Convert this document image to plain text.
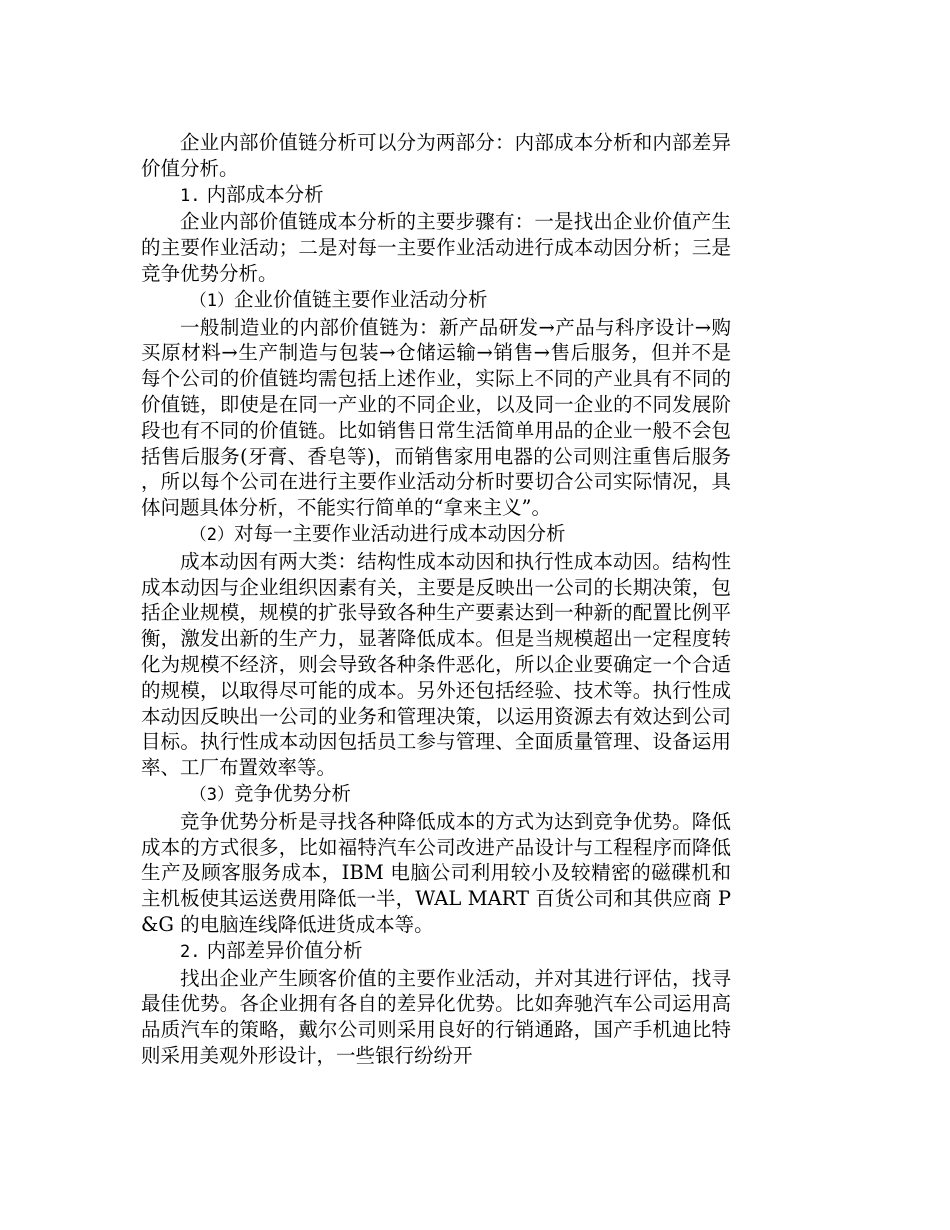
企业内部价值链分析可以分为两部分：内部成本分析和内部差异价值分析。

1. 内部成本分析

企业内部价值链成本分析的主要步骤有：一是找出企业价值产生的主要作业活动；二是对每一主要作业活动进行成本动因分析；三是竞争优势分析。

（1）企业价值链主要作业活动分析

一般制造业的内部价值链为：新产品研发→产品与科序设计→购买原材料→生产制造与包装→仓储运输→销售→售后服务，但并不是每个公司的价值链均需包括上述作业，实际上不同的产业具有不同的价值链，即使是在同一产业的不同企业，以及同一企业的不同发展阶段也有不同的价值链。比如销售日常生活简单用品的企业一般不会包括售后服务(牙膏、香皂等)，而销售家用电器的公司则注重售后服务，所以每个公司在进行主要作业活动分析时要切合公司实际情况，具体问题具体分析，不能实行简单的“拿来主义”。

（2）对每一主要作业活动进行成本动因分析

成本动因有两大类：结构性成本动因和执行性成本动因。结构性成本动因与企业组织因素有关，主要是反映出一公司的长期决策，包括企业规模，规模的扩张导致各种生产要素达到一种新的配置比例平衡，激发出新的生产力，显著降低成本。但是当规模超出一定程度转化为规模不经济，则会导致各种条件恶化，所以企业要确定一个合适的规模，以取得尽可能的成本。另外还包括经验、技术等。执行性成本动因反映出一公司的业务和管理决策，以运用资源去有效达到公司目标。执行性成本动因包括员工参与管理、全面质量管理、设备运用率、工厂布置效率等。

（3）竞争优势分析

竞争优势分析是寻找各种降低成本的方式为达到竞争优势。降低成本的方式很多，比如福特汽车公司改进产品设计与工程程序而降低生产及顾客服务成本，IBM 电脑公司利用较小及较精密的磁碟机和主机板使其运送费用降低一半，WAL MART 百货公司和其供应商 P&G 的电脑连线降低进货成本等。

2. 内部差异价值分析

找出企业产生顾客价值的主要作业活动，并对其进行评估，找寻最佳优势。各企业拥有各自的差异化优势。比如奔驰汽车公司运用高品质汽车的策略，戴尔公司则采用良好的行销通路，国产手机迪比特则采用美观外形设计，一些银行纷纷开
